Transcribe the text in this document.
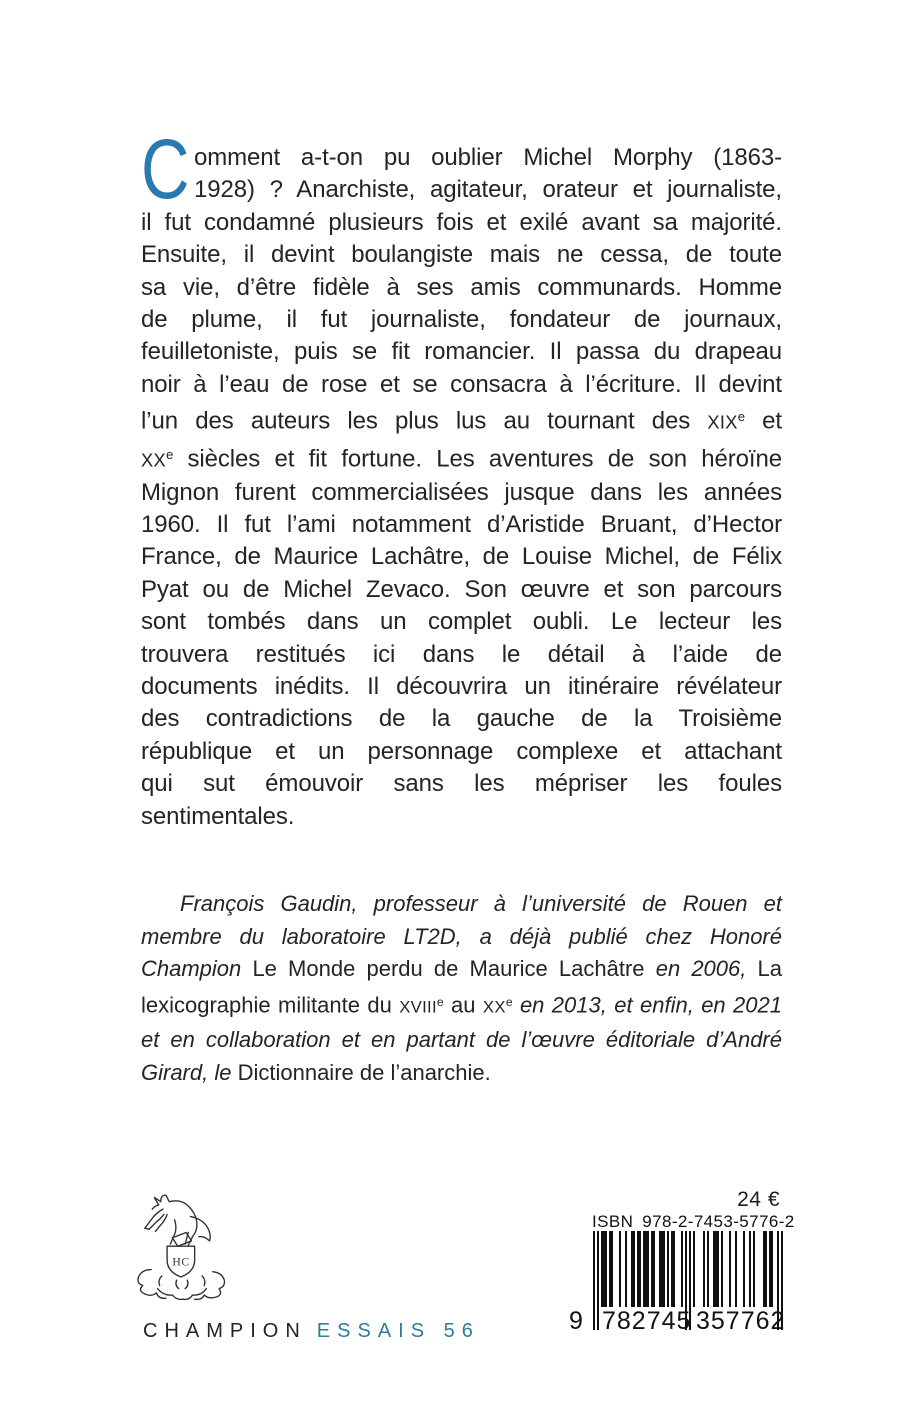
C omment a-t-on pu oublier Michel Morphy (1863-
1928) ? Anarchiste, agitateur, orateur et journaliste,
il fut condamné plusieurs fois et exilé avant sa majorité.
Ensuite, il devint boulangiste mais ne cessa, de toute
sa vie, d’être fidèle à ses amis communards. Homme
de plume, il fut journaliste, fondateur de journaux,
feuilletoniste, puis se fit romancier. Il passa du drapeau
noir à l’eau de rose et se consacra à l’écriture. Il devint
l’un des auteurs les plus lus au tournant des XIXe et
XXe siècles et fit fortune. Les aventures de son héroïne
Mignon furent commercialisées jusque dans les années
1960. Il fut l’ami notamment d’Aristide Bruant, d’Hector
France, de Maurice Lachâtre, de Louise Michel, de Félix
Pyat ou de Michel Zevaco. Son œuvre et son parcours
sont tombés dans un complet oubli. Le lecteur les
trouvera restitués ici dans le détail à l’aide de
documents inédits. Il découvrira un itinéraire révélateur
des contradictions de la gauche de la Troisième
république et un personnage complexe et attachant
qui sut émouvoir sans les mépriser les foules
sentimentales.
François Gaudin, professeur à l’université de Rouen et
membre du laboratoire LT2D, a déjà publié chez Honoré
Champion Le Monde perdu de Maurice Lachâtre en 2006, La
lexicographie militante du XVIIIe au XXe en 2013, et enfin, en 2021
et en collaboration et en partant de l’œuvre éditoriale d’André
Girard, le Dictionnaire de l’anarchie.
HC
CHAMPION ESSAIS 56
24 €
ISBN 978-2-7453-5776-2
9 782745 357762
